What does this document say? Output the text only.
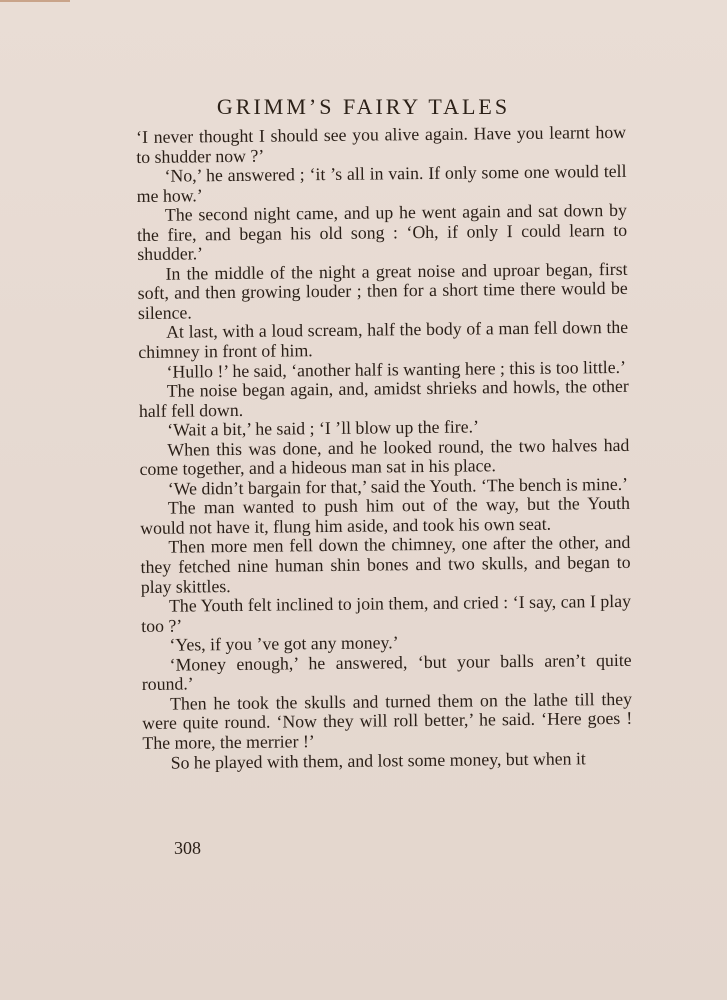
GRIMM’S FAIRY TALES

‘I never thought I should see you alive again. Have you learnt how to shudder now ?’

‘No,’ he answered ; ‘it ’s all in vain. If only some one would tell me how.’

The second night came, and up he went again and sat down by the fire, and began his old song : ‘Oh, if only I could learn to shudder.’

In the middle of the night a great noise and uproar began, first soft, and then growing louder ; then for a short time there would be silence.

At last, with a loud scream, half the body of a man fell down the chimney in front of him.

‘Hullo !’ he said, ‘another half is wanting here ; this is too little.’

The noise began again, and, amidst shrieks and howls, the other half fell down.

‘Wait a bit,’ he said ; ‘I ’ll blow up the fire.’

When this was done, and he looked round, the two halves had come together, and a hideous man sat in his place.

‘We didn’t bargain for that,’ said the Youth. ‘The bench is mine.’

The man wanted to push him out of the way, but the Youth would not have it, flung him aside, and took his own seat.

Then more men fell down the chimney, one after the other, and they fetched nine human shin bones and two skulls, and began to play skittles.

The Youth felt inclined to join them, and cried : ‘I say, can I play too ?’

‘Yes, if you ’ve got any money.’

‘Money enough,’ he answered, ‘but your balls aren’t quite round.’

Then he took the skulls and turned them on the lathe till they were quite round. ‘Now they will roll better,’ he said. ‘Here goes ! The more, the merrier !’

So he played with them, and lost some money, but when it

308
